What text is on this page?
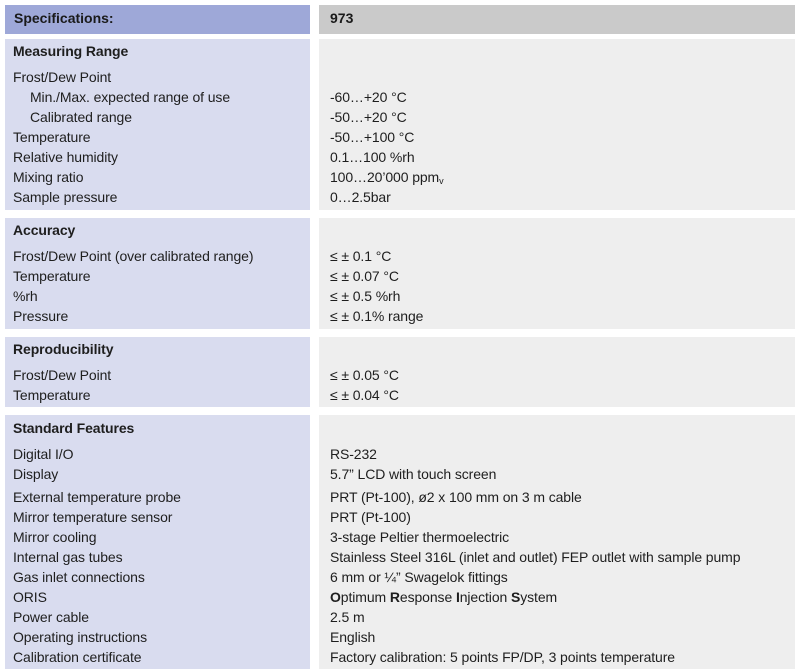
Specifications:	973
Measuring Range
Frost/Dew Point
Min./Max. expected range of use
Calibrated range
Temperature
Relative humidity
Mixing ratio
Sample pressure
-60…+20 °C
-50…+20 °C
-50…+100 °C
0.1…100 %rh
100…20’000 ppm$_v$
0…2.5bar
Accuracy
Frost/Dew Point (over calibrated range)
Temperature
%rh
Pressure
≤ ± 0.1 °C
≤ ± 0.07 °C
≤ ± 0.5 %rh
≤ ± 0.1% range
Reproducibility
Frost/Dew Point
Temperature
≤ ± 0.05 °C
≤ ± 0.04 °C
Standard Features
Digital I/O
Display
External temperature probe
Mirror temperature sensor
Mirror cooling
Internal gas tubes
Gas inlet connections
ORIS
Power cable
Operating instructions
Calibration certificate
RS-232
5.7” LCD with touch screen
PRT (Pt-100), ø2 x 100 mm on 3 m cable
PRT (Pt-100)
3-stage Peltier thermoelectric
Stainless Steel 316L (inlet and outlet) FEP outlet with sample pump
6 mm or ¼” Swagelok fittings
Optimum Response Injection System
2.5 m
English
Factory calibration: 5 points FP/DP, 3 points temperature
